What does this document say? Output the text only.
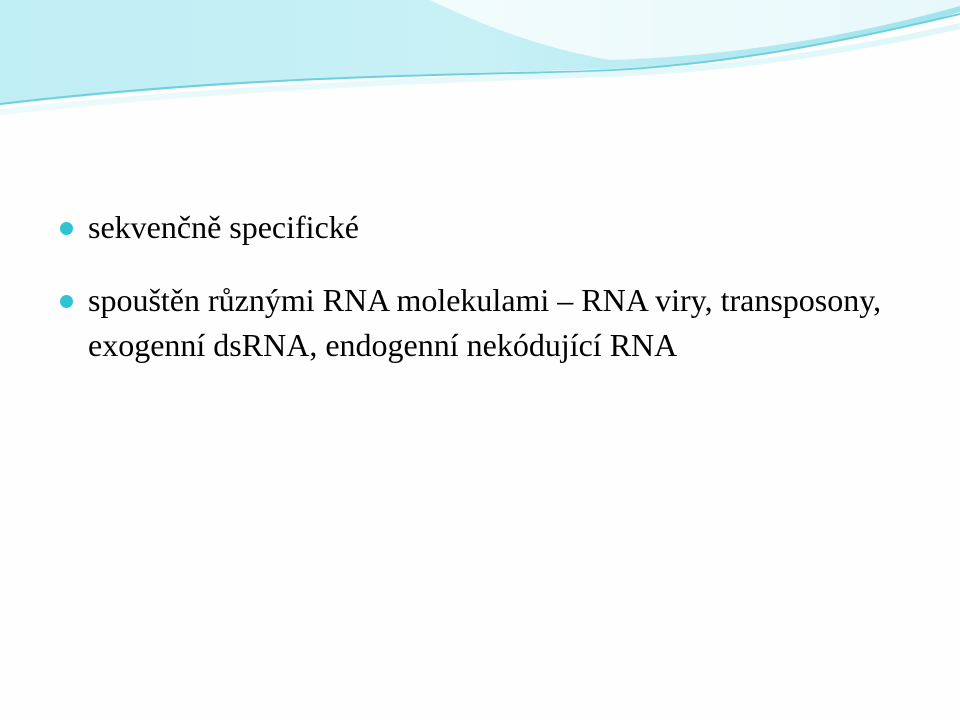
sekvenčně specifické
spouštěn různými RNA molekulami – RNA viry, transposony, exogenní dsRNA, endogenní nekódující RNA
